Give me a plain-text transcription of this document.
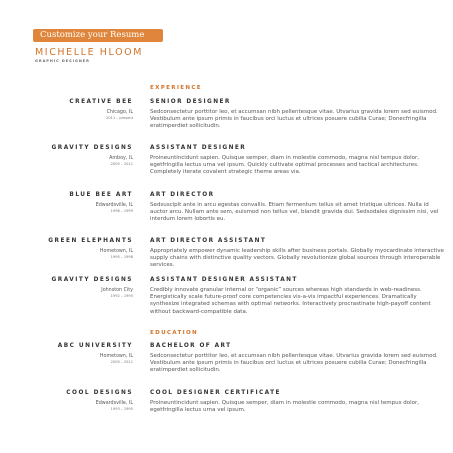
Customize your Resume
MICHELLE HLOOM
GRAPHIC DESIGNER
EXPERIENCE
CREATIVE BEE
Chicago, IL
2011 – present
SENIOR DESIGNER
Sedconsectetur porttitor leo, et accumsan nibh pellentesque vitae. Utvarius gravida lorem sed euismod. Vestibulum ante ipsum primis in faucibus orci luctus et ultrices posuere cubilia Curae; Donecfringilla eratimperdiet sollicitudin.
GRAVITY DESIGNS
Amboy, IL
2005 – 2011
ASSISTANT DESIGNER
Proineuntincidunt sapien. Quisque semper, diam in molestie commodo, magna nisl tempus dolor, egetfringilla lectus urna vel ipsum. Quickly cultivate optimal processes and tactical architectures. Completely iterate covalent strategic theme areas via.
BLUE BEE ART
Edwardsville, IL
1998 – 1999
ART DIRECTOR
Sedsuscipit ante in arcu egestas convallis. Etiam fermentum tellus sit amet tristique ultrices. Nulla id auctor arcu. Nullam ante sem, euismod non tellus vel, blandit gravida dui. Sedsodales dignissim nisi, vel interdum lorem lobortis eu.
GREEN ELEPHANTS
Hometown, IL
1995 – 1998
ART DIRECTOR ASSISTANT
Appropriately empower dynamic leadership skills after business portals. Globally myocardinate interactive supply chains with distinctive quality vectors. Globally revolutionize global sources through interoperable services.
GRAVITY DESIGNS
Johnston City
1992 – 1995
ASSISTANT DESIGNER ASSISTANT
Credibly innovate granular internal or “organic” sources whereas high standards in web-readiness. Energistically scale future-proof core competencies vis-a-vis impactful experiences. Dramatically synthesize integrated schemas with optimal networks. Interactively procrastinate high-payoff content without backward-compatible data.
EDUCATION
ABC UNIVERSITY
Hometown, IL
2005 – 2011
BACHELOR OF ART
Sedconsectetur porttitor leo, et accumsan nibh pellentesque vitae. Utvarius gravida lorem sed euismod. Vestibulum ante ipsum primis in faucibus orci luctus et ultrices posuere cubilia Curae; Donecfringilla eratimperdiet sollicitudin.
COOL DESIGNS
Edwardsville, IL
1993 – 1995
COOL DESIGNER CERTIFICATE
Proineuntincidunt sapien. Quisque semper, diam in molestie commodo, magna nisl tempus dolor, egetfringilla lectus urna vel ipsum.
